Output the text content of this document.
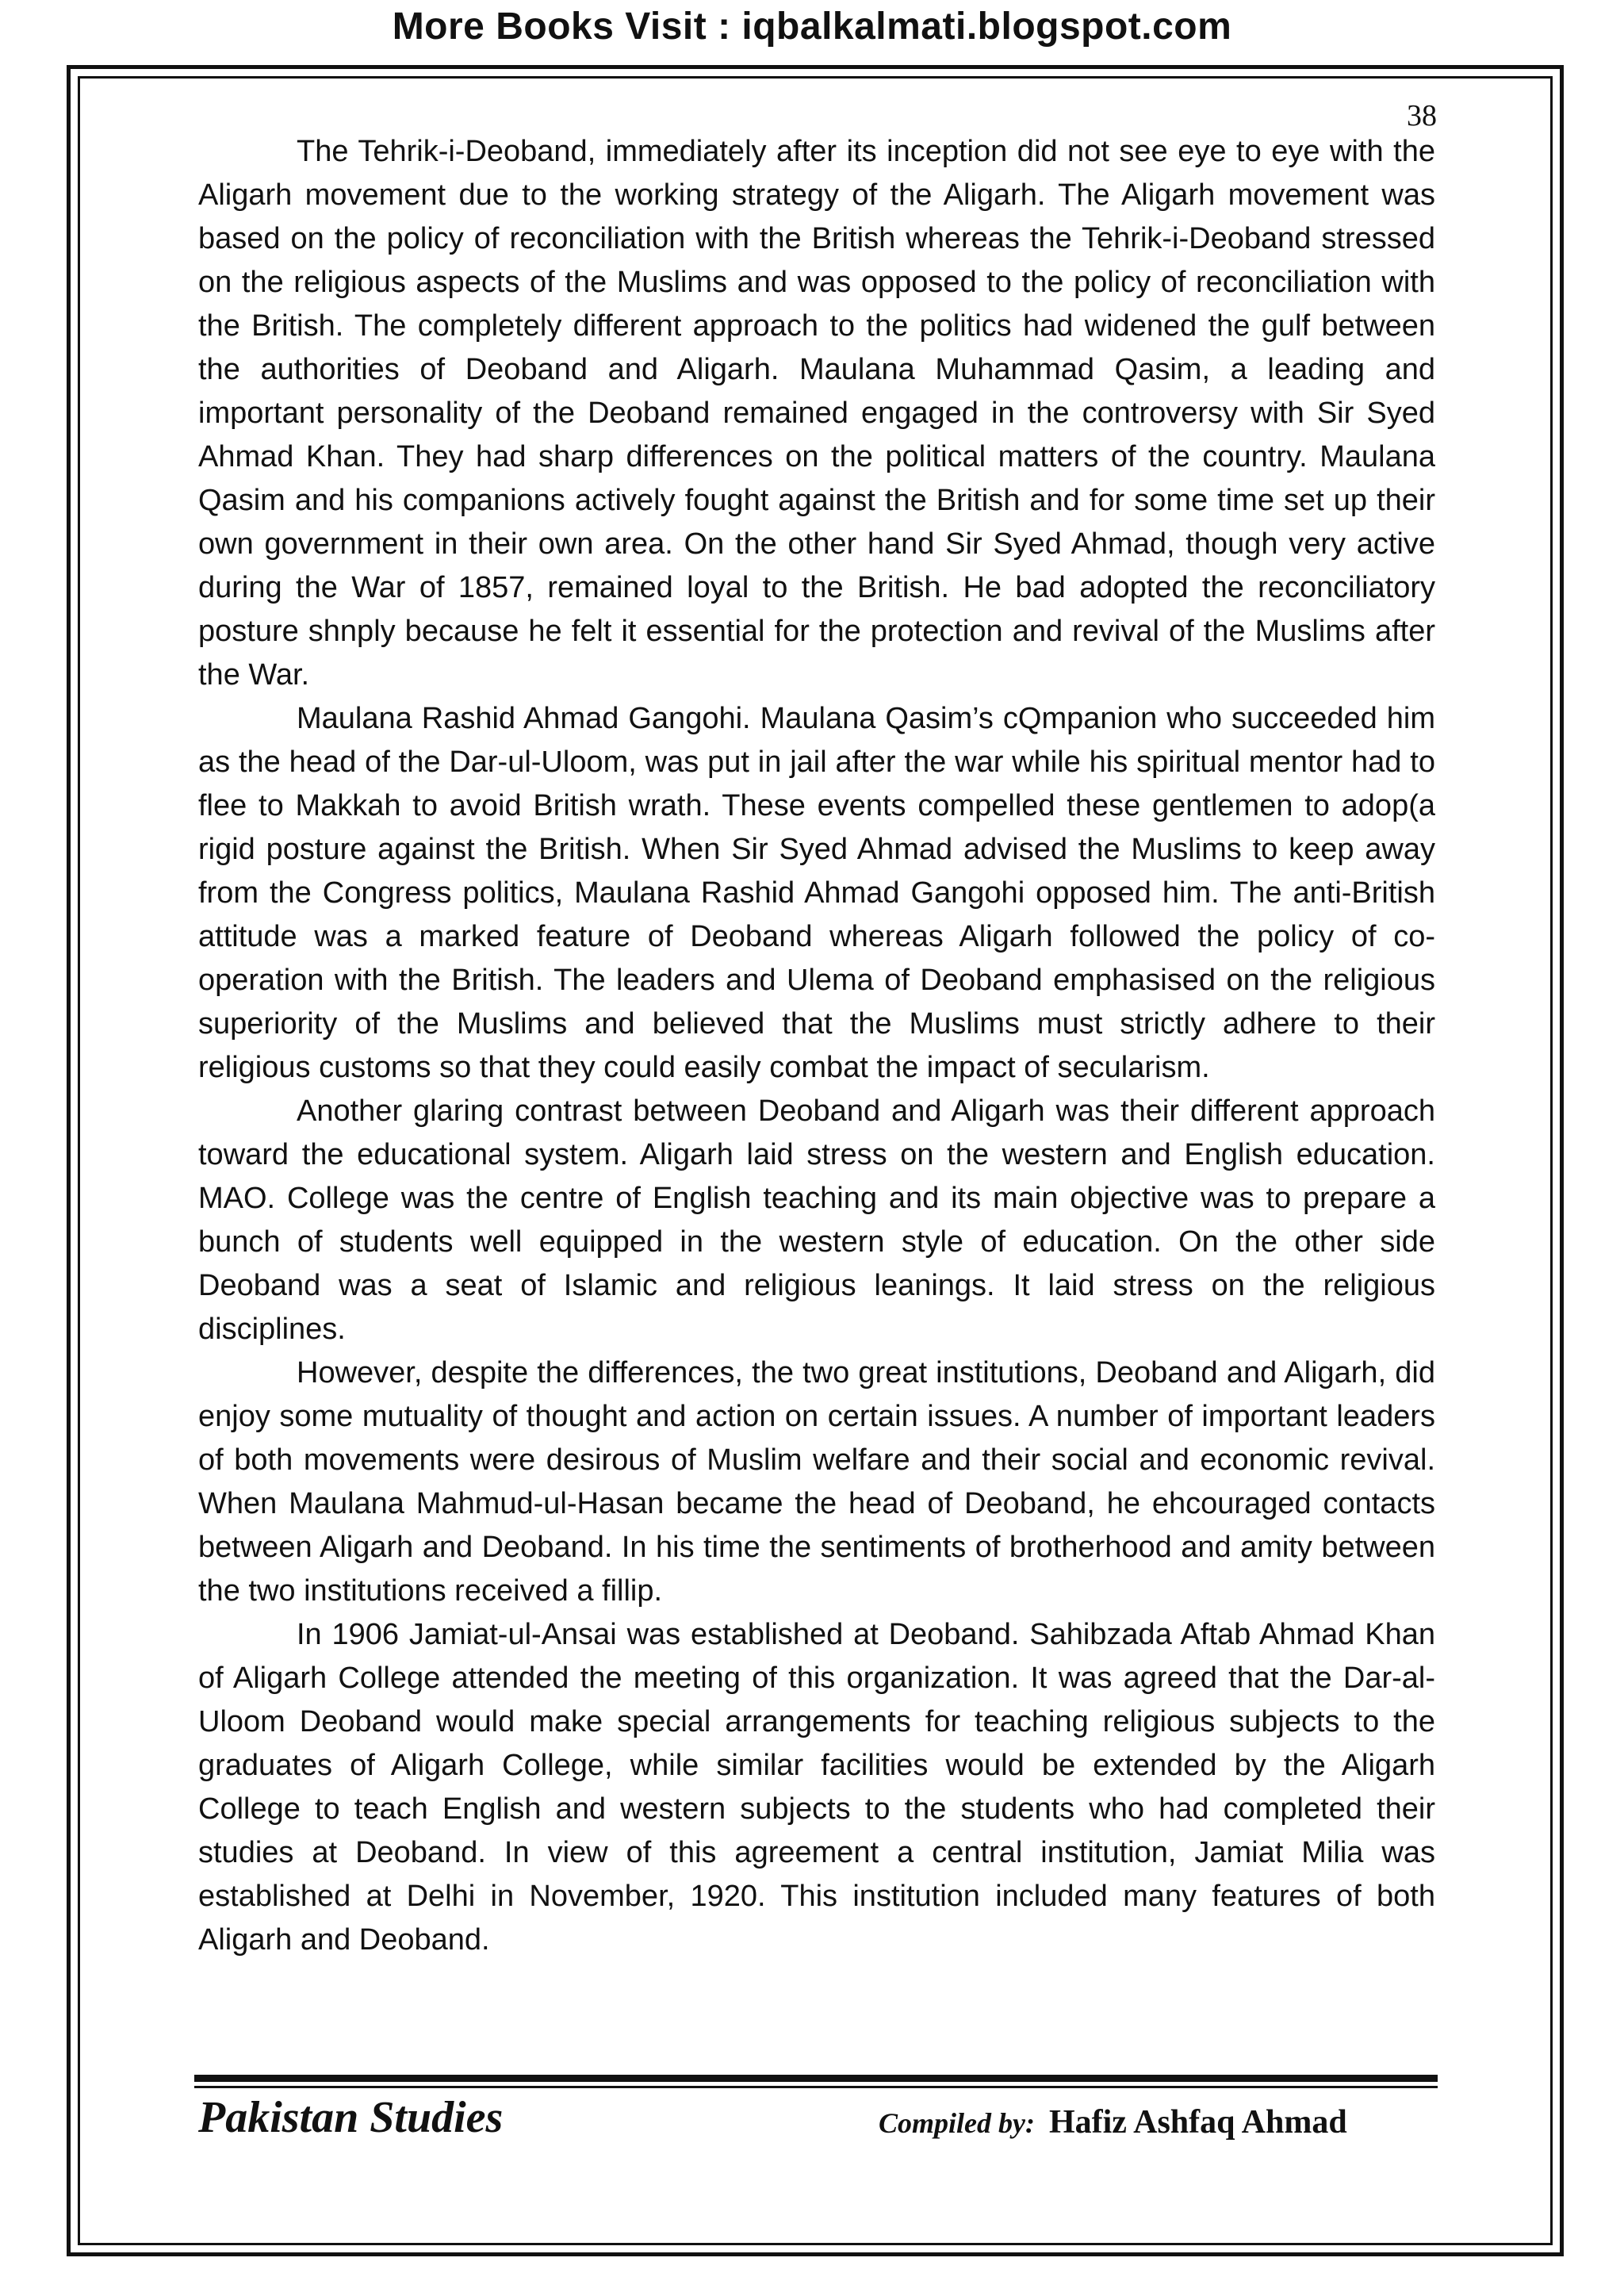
More Books Visit : iqbalkalmati.blogspot.com
38

The Tehrik-i-Deoband, immediately after its inception did not see eye to eye with the Aligarh movement due to the working strategy of the Aligarh. The Aligarh movement was based on the policy of reconciliation with the British whereas the Tehrik-i-Deoband stressed on the religious aspects of the Muslims and was opposed to the policy of reconciliation with the British. The completely different approach to the politics had widened the gulf between the authorities of Deoband and Aligarh. Maulana Muhammad Qasim, a leading and important personality of the Deoband remained engaged in the controversy with Sir Syed Ahmad Khan. They had sharp differences on the political matters of the country. Maulana Qasim and his companions actively fought against the British and for some time set up their own government in their own area. On the other hand Sir Syed Ahmad, though very active during the War of 1857, remained loyal to the British. He bad adopted the reconciliatory posture shnply because he felt it essential for the protection and revival of the Muslims after the War.

Maulana Rashid Ahmad Gangohi. Maulana Qasim’s cQmpanion who succeeded him as the head of the Dar-ul-Uloom, was put in jail after the war while his spiritual mentor had to flee to Makkah to avoid British wrath. These events compelled these gentlemen to adop(a rigid posture against the British. When Sir Syed Ahmad advised the Muslims to keep away from the Congress politics, Maulana Rashid Ahmad Gangohi opposed him. The anti-British attitude was a marked feature of Deoband whereas Aligarh followed the policy of co-operation with the British. The leaders and Ulema of Deoband emphasised on the religious superiority of the Muslims and believed that the Muslims must strictly adhere to their religious customs so that they could easily combat the impact of secularism.

Another glaring contrast between Deoband and Aligarh was their different approach toward the educational system. Aligarh laid stress on the western and English education. MAO. College was the centre of English teaching and its main objective was to prepare a bunch of students well equipped in the western style of education. On the other side Deoband was a seat of Islamic and religious leanings. It laid stress on the religious disciplines.

However, despite the differences, the two great institutions, Deoband and Aligarh, did enjoy some mutuality of thought and action on certain issues. A number of important leaders of both movements were desirous of Muslim welfare and their social and economic revival. When Maulana Mahmud-ul-Hasan became the head of Deoband, he ehcouraged contacts between Aligarh and Deoband. In his time the sentiments of brotherhood and amity between the two institutions received a fillip.

In 1906 Jamiat-ul-Ansai was established at Deoband. Sahibzada Aftab Ahmad Khan of Aligarh College attended the meeting of this organization. It was agreed that the Dar-al-Uloom Deoband would make special arrangements for teaching religious subjects to the graduates of Aligarh College, while similar facilities would be extended by the Aligarh College to teach English and western subjects to the students who had completed their studies at Deoband. In view of this agreement a central institution, Jamiat Milia was established at Delhi in November, 1920. This institution included many features of both Aligarh and Deoband.

Pakistan Studies	Compiled by: Hafiz Ashfaq Ahmad
